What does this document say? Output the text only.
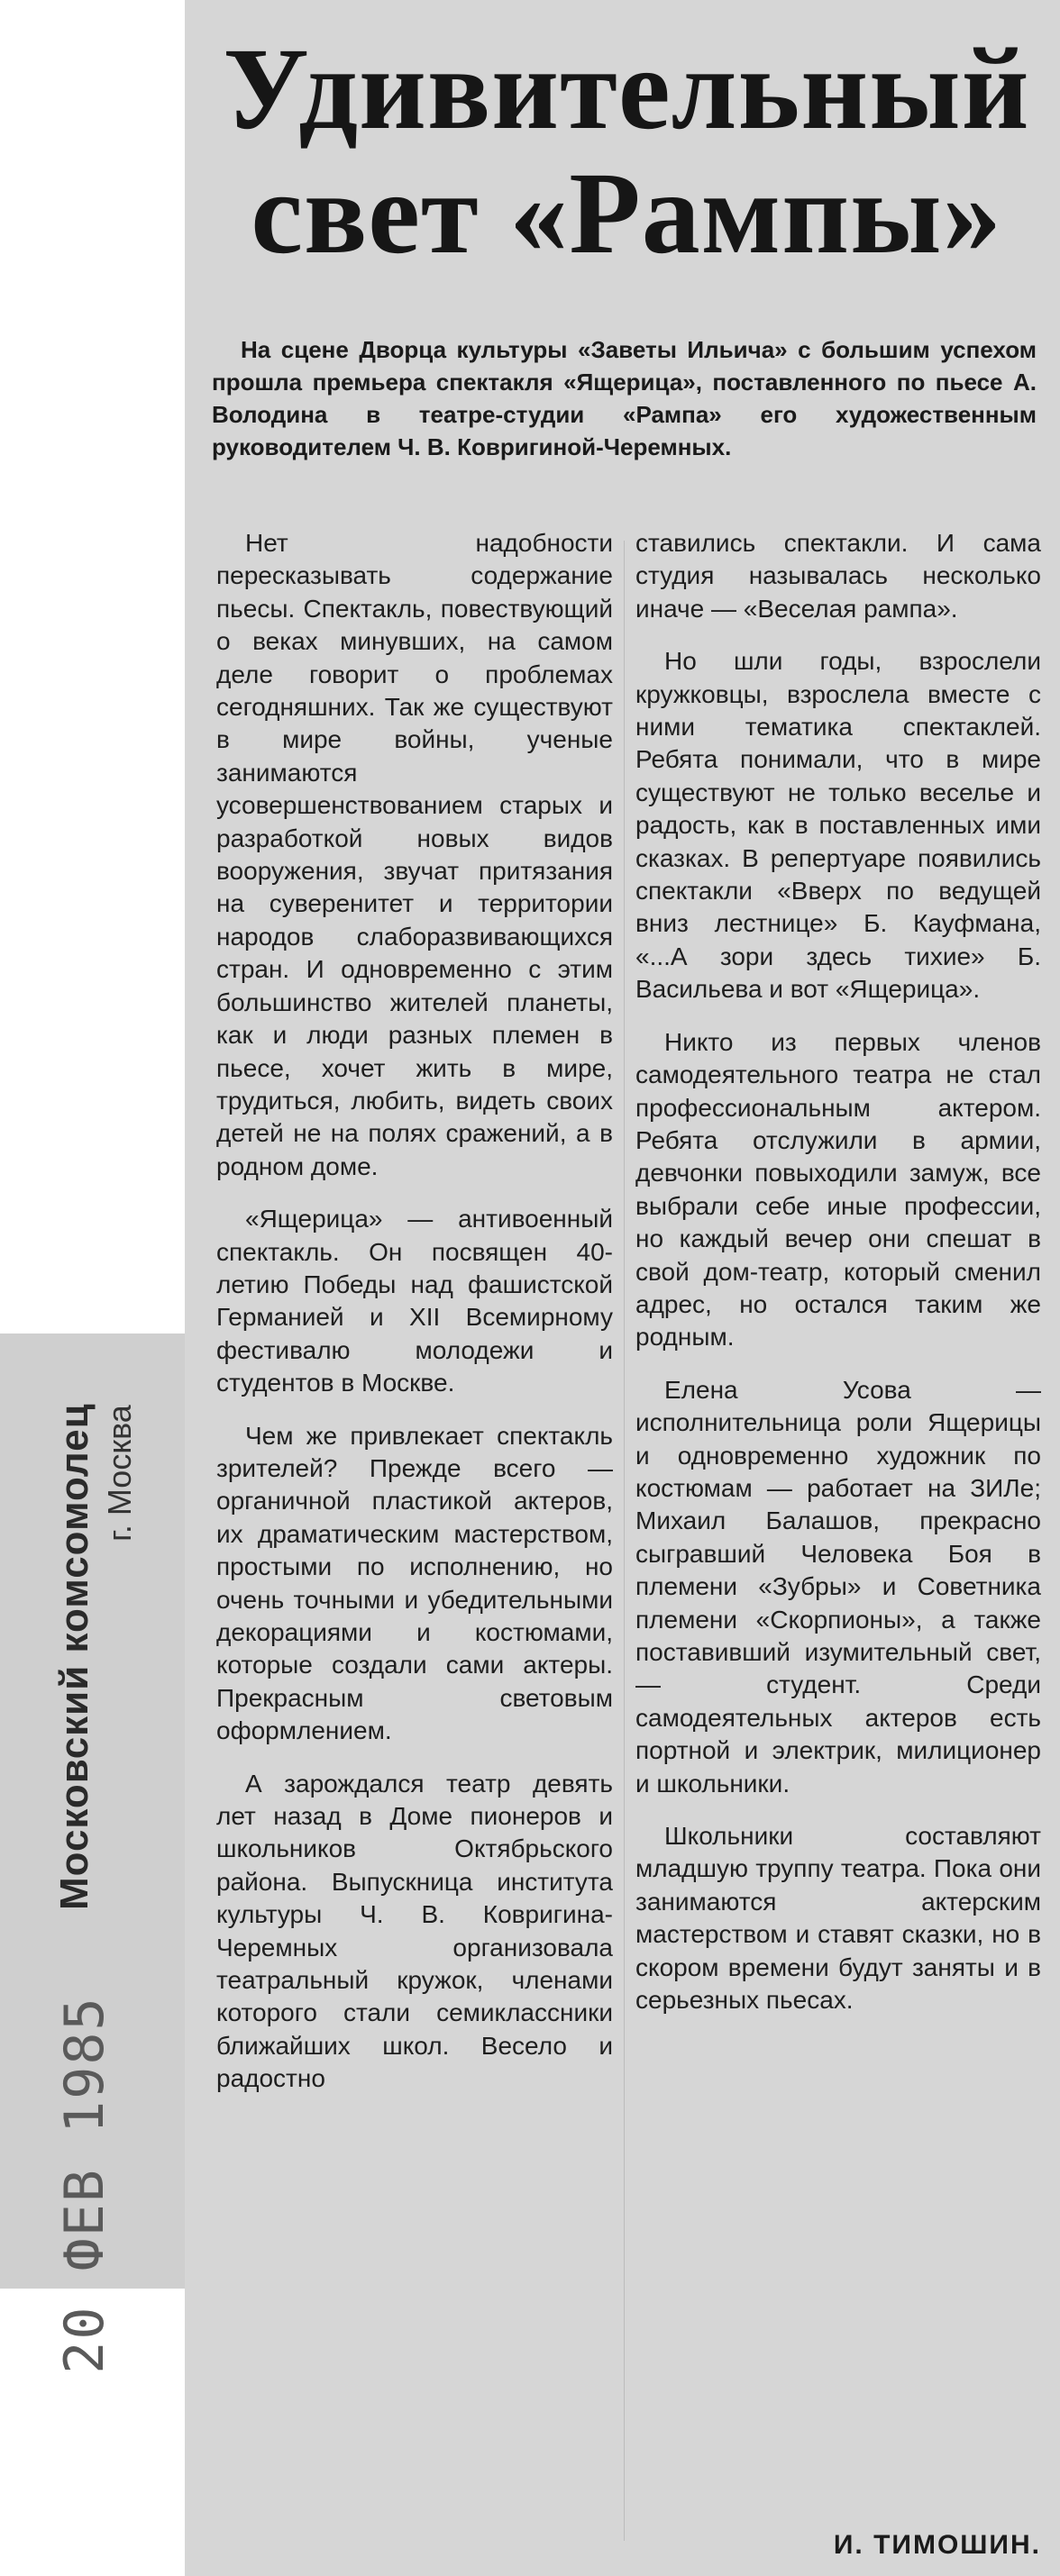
Московский комсомолец г. Москва
20 ФЕВ 1985
Удивительный свет «Рампы»

На сцене Дворца культуры «Заветы Ильича» с большим успехом прошла премьера спектакля «Ящерица», поставленного по пьесе А. Володина в театре-студии «Рампа» его художественным руководителем Ч. В. Ковригиной-Черемных.

Нет надобности пересказывать содержание пьесы. Спектакль, повествующий о веках минувших, на самом деле говорит о проблемах сегодняшних. Так же существуют в мире войны, ученые занимаются усовершенствованием старых и разработкой новых видов вооружения, звучат притязания на суверенитет и территории народов слаборазвивающихся стран. И одновременно с этим большинство жителей планеты, как и люди разных племен в пьесе, хочет жить в мире, трудиться, любить, видеть своих детей не на полях сражений, а в родном доме.

«Ящерица» — антивоенный спектакль. Он посвящен 40-летию Победы над фашистской Германией и XII Всемирному фестивалю молодежи и студентов в Москве.

Чем же привлекает спектакль зрителей? Прежде всего — органичной пластикой актеров, их драматическим мастерством, простыми по исполнению, но очень точными и убедительными декорациями и костюмами, которые создали сами актеры. Прекрасным световым оформлением.

А зарождался театр девять лет назад в Доме пионеров и школьников Октябрьского района. Выпускница института культуры Ч. В. Ковригина-Черемных организовала театральный кружок, членами которого стали семиклассники ближайших школ. Весело и радостно

ставились спектакли. И сама студия называлась несколько иначе — «Веселая рампа».

Но шли годы, взрослели кружковцы, взрослела вместе с ними тематика спектаклей. Ребята понимали, что в мире существуют не только веселье и радость, как в поставленных ими сказках. В репертуаре появились спектакли «Вверх по ведущей вниз лестнице» Б. Кауфмана, «...А зори здесь тихие» Б. Васильева и вот «Ящерица».

Никто из первых членов самодеятельного театра не стал профессиональным актером. Ребята отслужили в армии, девчонки повыходили замуж, все выбрали себе иные профессии, но каждый вечер они спешат в свой дом-театр, который сменил адрес, но остался таким же родным.

Елена Усова — исполнительница роли Ящерицы и одновременно художник по костюмам — работает на ЗИЛе; Михаил Балашов, прекрасно сыгравший Человека Боя в племени «Зубры» и Советника племени «Скорпионы», а также поставивший изумительный свет, — студент. Среди самодеятельных актеров есть портной и электрик, милиционер и школьники.

Школьники составляют младшую труппу театра. Пока они занимаются актерским мастерством и ставят сказки, но в скором времени будут заняты и в серьезных пьесах.

И. ТИМОШИН.
